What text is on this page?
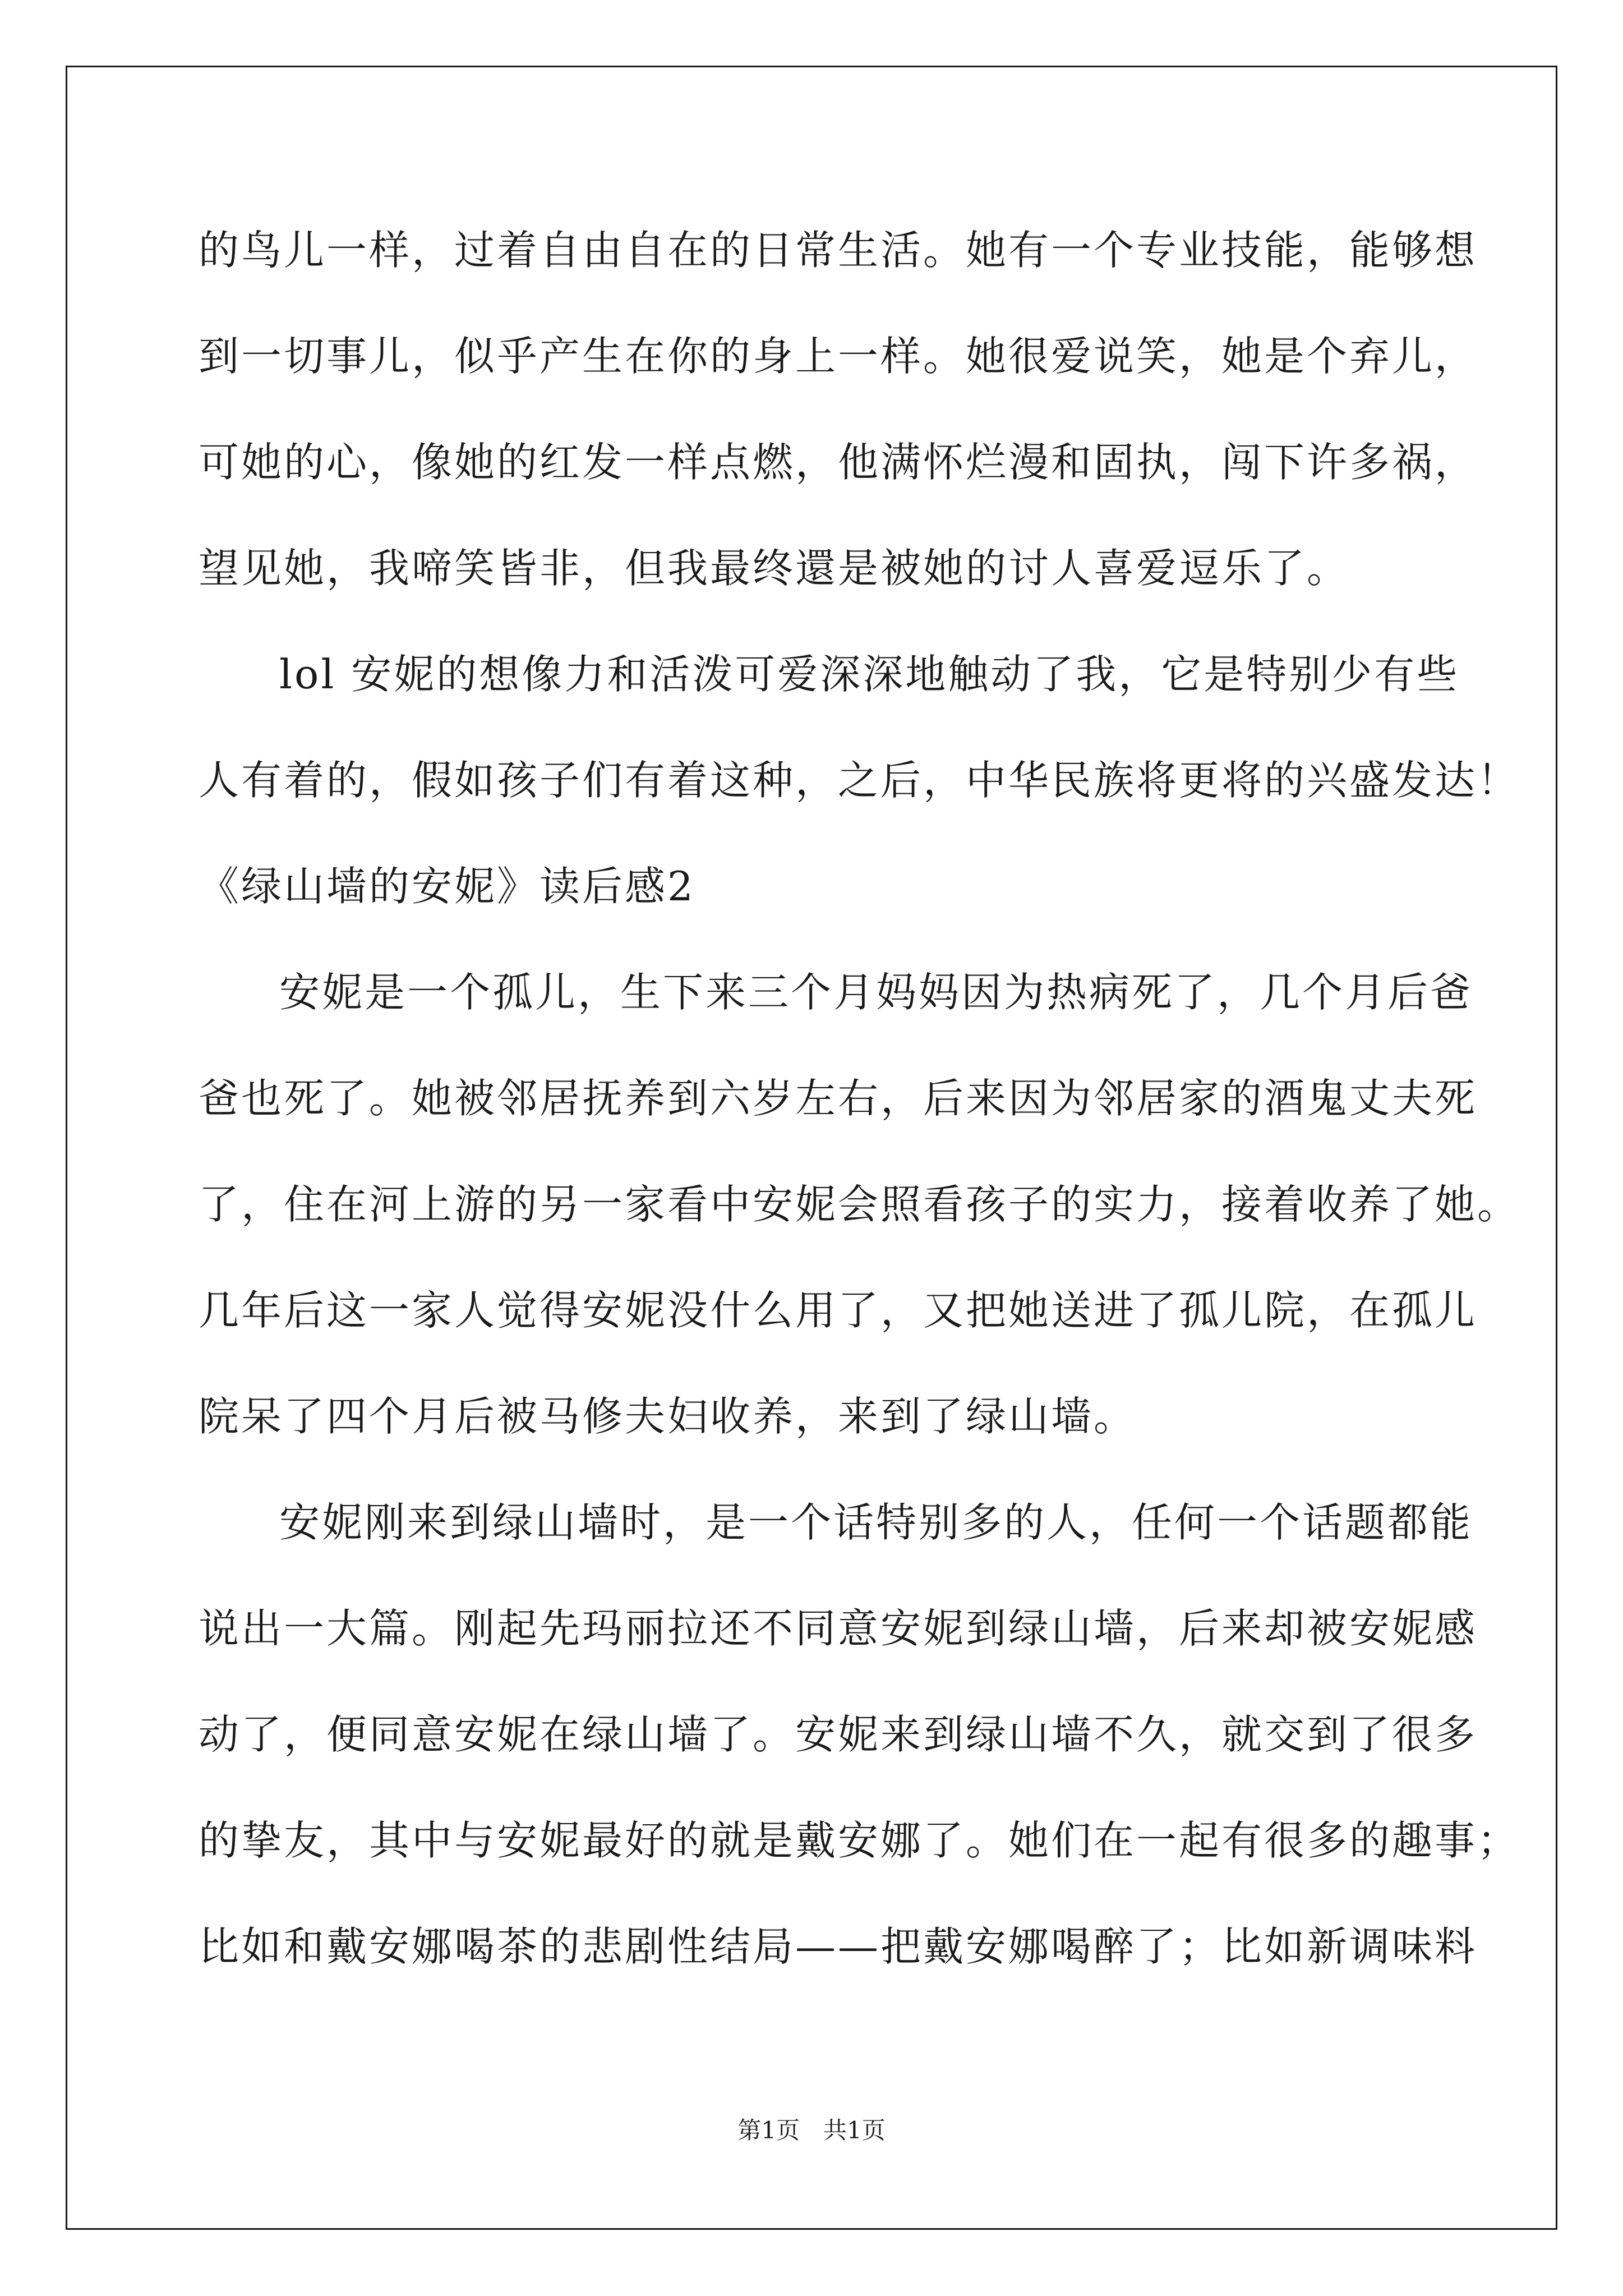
的鸟儿一样，过着自由自在的日常生活。她有一个专业技能，能够想
到一切事儿，似乎产生在你的身上一样。她很爱说笑，她是个弃儿，
可她的心，像她的红发一样点燃，他满怀烂漫和固执，闯下许多祸，
望见她，我啼笑皆非，但我最终還是被她的讨人喜爱逗乐了。
lol 安妮的想像力和活泼可爱深深地触动了我，它是特别少有些
人有着的，假如孩子们有着这种，之后，中华民族将更将的兴盛发达！
《绿山墙的安妮》读后感2
安妮是一个孤儿，生下来三个月妈妈因为热病死了，几个月后爸
爸也死了。她被邻居抚养到六岁左右，后来因为邻居家的酒鬼丈夫死
了，住在河上游的另一家看中安妮会照看孩子的实力，接着收养了她。
几年后这一家人觉得安妮没什么用了，又把她送进了孤儿院，在孤儿
院呆了四个月后被马修夫妇收养，来到了绿山墙。
安妮刚来到绿山墙时，是一个话特别多的人，任何一个话题都能
说出一大篇。刚起先玛丽拉还不同意安妮到绿山墙，后来却被安妮感
动了，便同意安妮在绿山墙了。安妮来到绿山墙不久，就交到了很多
的挚友，其中与安妮最好的就是戴安娜了。她们在一起有很多的趣事；
比如和戴安娜喝茶的悲剧性结局——把戴安娜喝醉了；比如新调味料
第1页　共1页
